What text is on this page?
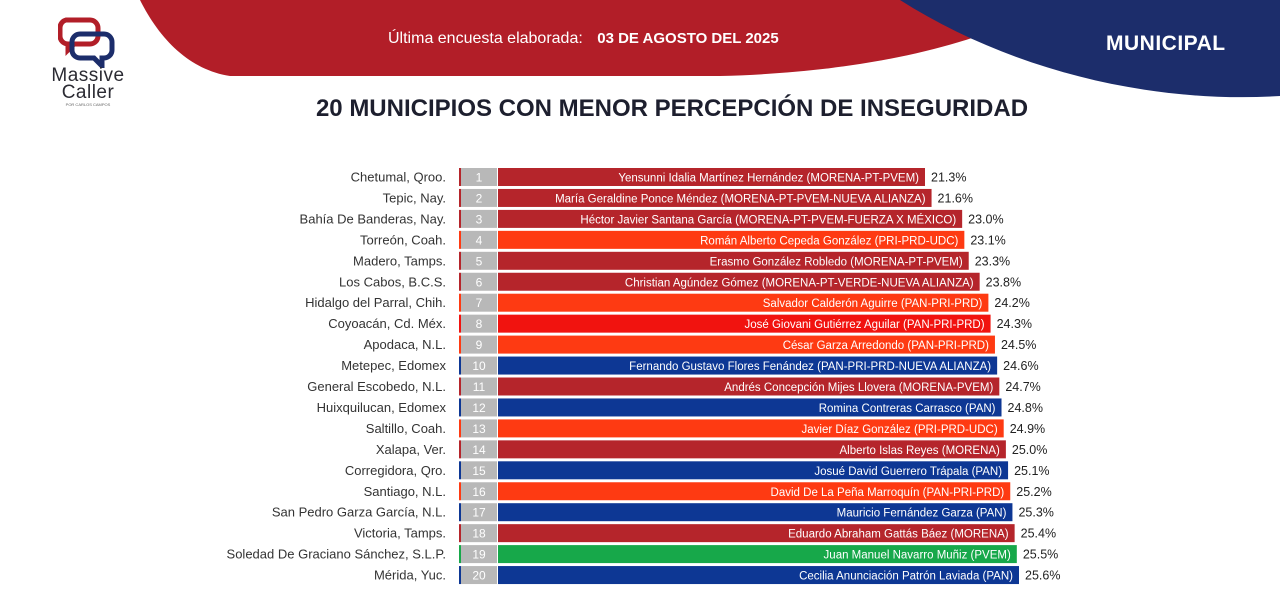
Massive
Caller
POR CARLOS CAMPOS
Última encuesta elaborada: 03 DE AGOSTO DEL 2025	MUNICIPAL
20 MUNICIPIOS CON MENOR PERCEPCIÓN DE INSEGURIDAD
Chetumal, Qroo. 1	Yensunni Idalia Martínez Hernández (MORENA-PT-PVEM) 21.3%
Tepic, Nay. 2	María Geraldine Ponce Méndez (MORENA-PT-PVEM-NUEVA ALIANZA) 21.6%
Bahía De Banderas, Nay. 3	Héctor Javier Santana García (MORENA-PT-PVEM-FUERZA X MÉXICO) 23.0%
Torreón, Coah. 4	Román Alberto Cepeda González (PRI-PRD-UDC) 23.1%
Madero, Tamps. 5	Erasmo González Robledo (MORENA-PT-PVEM) 23.3%
Los Cabos, B.C.S. 6	Christian Agúndez Gómez (MORENA-PT-VERDE-NUEVA ALIANZA) 23.8%
Hidalgo del Parral, Chih. 7	Salvador Calderón Aguirre (PAN-PRI-PRD) 24.2%
Coyoacán, Cd. Méx. 8	José Giovani Gutiérrez Aguilar (PAN-PRI-PRD) 24.3%
Apodaca, N.L. 9	César Garza Arredondo (PAN-PRI-PRD) 24.5%
Metepec, Edomex 10	Fernando Gustavo Flores Fenández (PAN-PRI-PRD-NUEVA ALIANZA) 24.6%
General Escobedo, N.L. 11	Andrés Concepción Mijes Llovera (MORENA-PVEM) 24.7%
Huixquilucan, Edomex 12	Romina Contreras Carrasco (PAN) 24.8%
Saltillo, Coah. 13	Javier Díaz González (PRI-PRD-UDC) 24.9%
Xalapa, Ver. 14	Alberto Islas Reyes (MORENA) 25.0%
Corregidora, Qro. 15	Josué David Guerrero Trápala (PAN) 25.1%
Santiago, N.L. 16	David De La Peña Marroquín (PAN-PRI-PRD) 25.2%
San Pedro Garza García, N.L. 17	Mauricio Fernández Garza (PAN) 25.3%
Victoria, Tamps. 18	Eduardo Abraham Gattás Báez (MORENA) 25.4%
Soledad De Graciano Sánchez, S.L.P. 19	Juan Manuel Navarro Muñiz (PVEM) 25.5%
Mérida, Yuc. 20	Cecilia Anunciación Patrón Laviada (PAN) 25.6%
